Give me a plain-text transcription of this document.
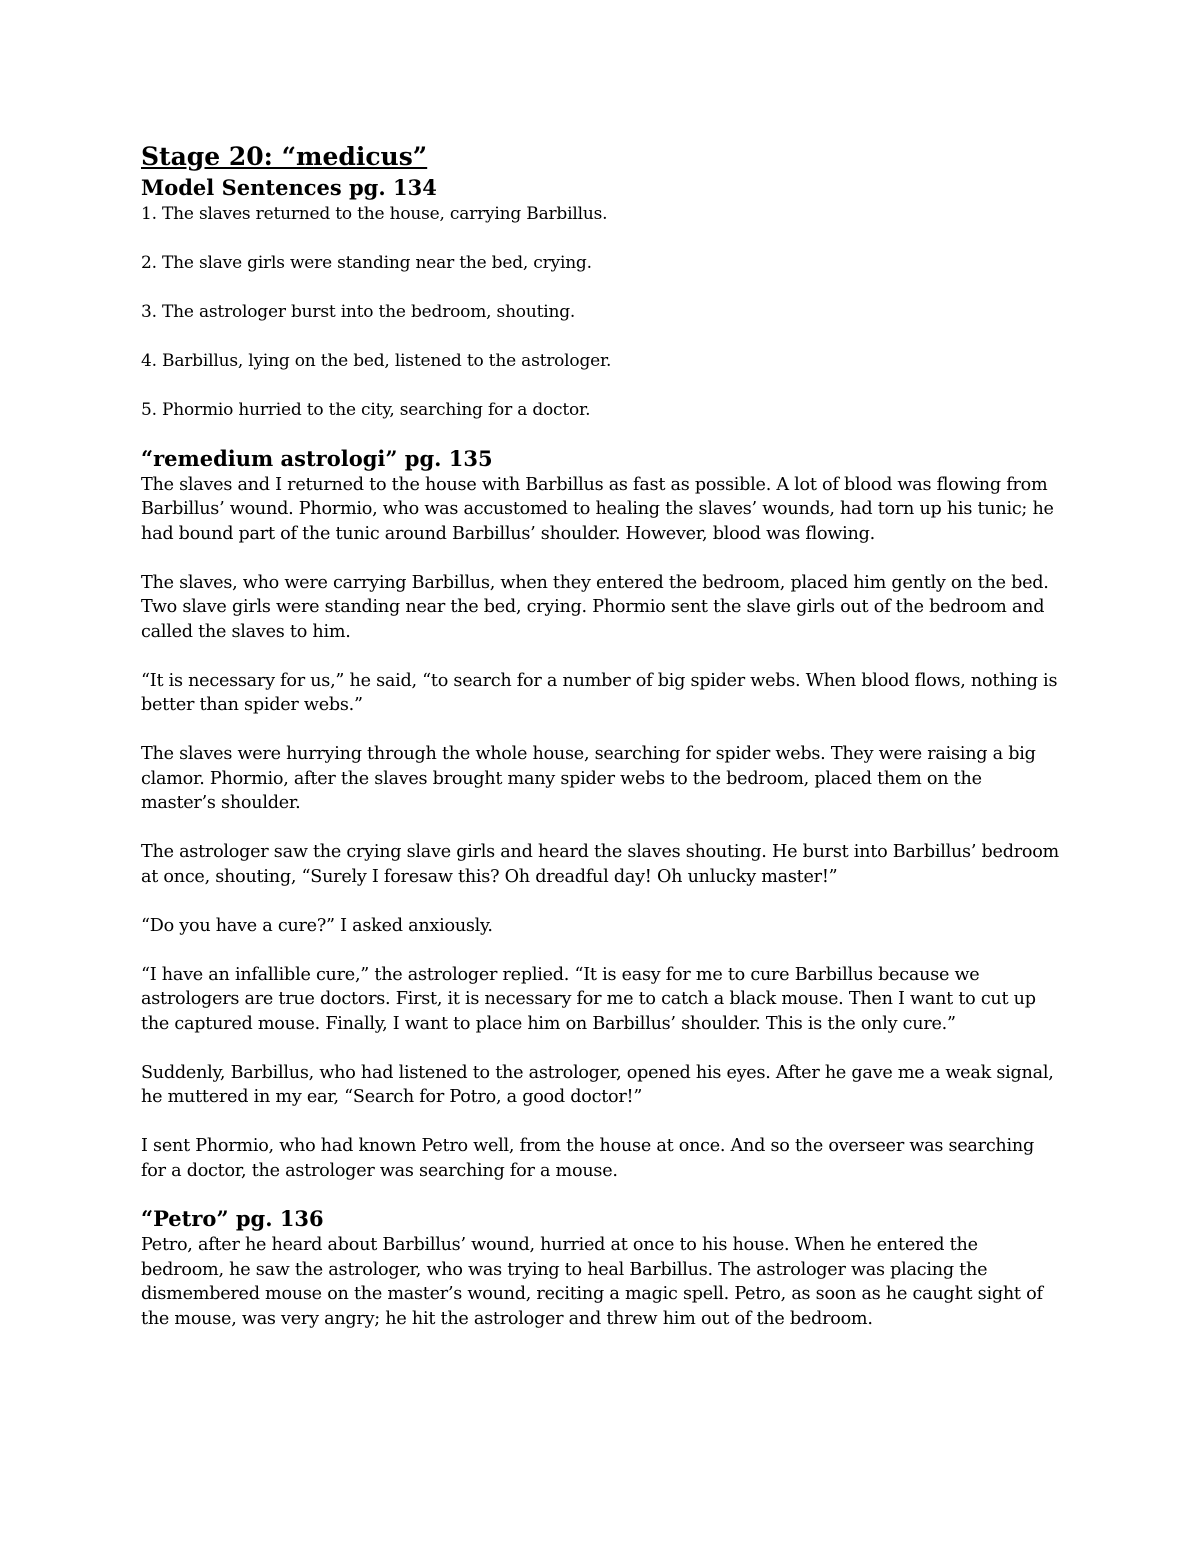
Stage 20: “medicus”
Model Sentences pg. 134
1. The slaves returned to the house, carrying Barbillus.
2. The slave girls were standing near the bed, crying.
3. The astrologer burst into the bedroom, shouting.
4. Barbillus, lying on the bed, listened to the astrologer.
5. Phormio hurried to the city, searching for a doctor.
“remedium astrologi” pg. 135

The slaves and I returned to the house with Barbillus as fast as possible. A lot of blood was flowing from Barbillus’ wound. Phormio, who was accustomed to healing the slaves’ wounds, had torn up his tunic; he had bound part of the tunic around Barbillus’ shoulder. However, blood was flowing.

The slaves, who were carrying Barbillus, when they entered the bedroom, placed him gently on the bed. Two slave girls were standing near the bed, crying. Phormio sent the slave girls out of the bedroom and called the slaves to him.

“It is necessary for us,” he said, “to search for a number of big spider webs. When blood flows, nothing is better than spider webs.”

The slaves were hurrying through the whole house, searching for spider webs. They were raising a big clamor. Phormio, after the slaves brought many spider webs to the bedroom, placed them on the master’s shoulder.

The astrologer saw the crying slave girls and heard the slaves shouting. He burst into Barbillus’ bedroom at once, shouting, “Surely I foresaw this? Oh dreadful day! Oh unlucky master!”

“Do you have a cure?” I asked anxiously.

“I have an infallible cure,” the astrologer replied. “It is easy for me to cure Barbillus because we astrologers are true doctors. First, it is necessary for me to catch a black mouse. Then I want to cut up the captured mouse. Finally, I want to place him on Barbillus’ shoulder. This is the only cure.”

Suddenly, Barbillus, who had listened to the astrologer, opened his eyes. After he gave me a weak signal, he muttered in my ear, “Search for Potro, a good doctor!”

I sent Phormio, who had known Petro well, from the house at once. And so the overseer was searching for a doctor, the astrologer was searching for a mouse.

“Petro” pg. 136

Petro, after he heard about Barbillus’ wound, hurried at once to his house. When he entered the bedroom, he saw the astrologer, who was trying to heal Barbillus. The astrologer was placing the dismembered mouse on the master’s wound, reciting a magic spell. Petro, as soon as he caught sight of the mouse, was very angry; he hit the astrologer and threw him out of the bedroom.
